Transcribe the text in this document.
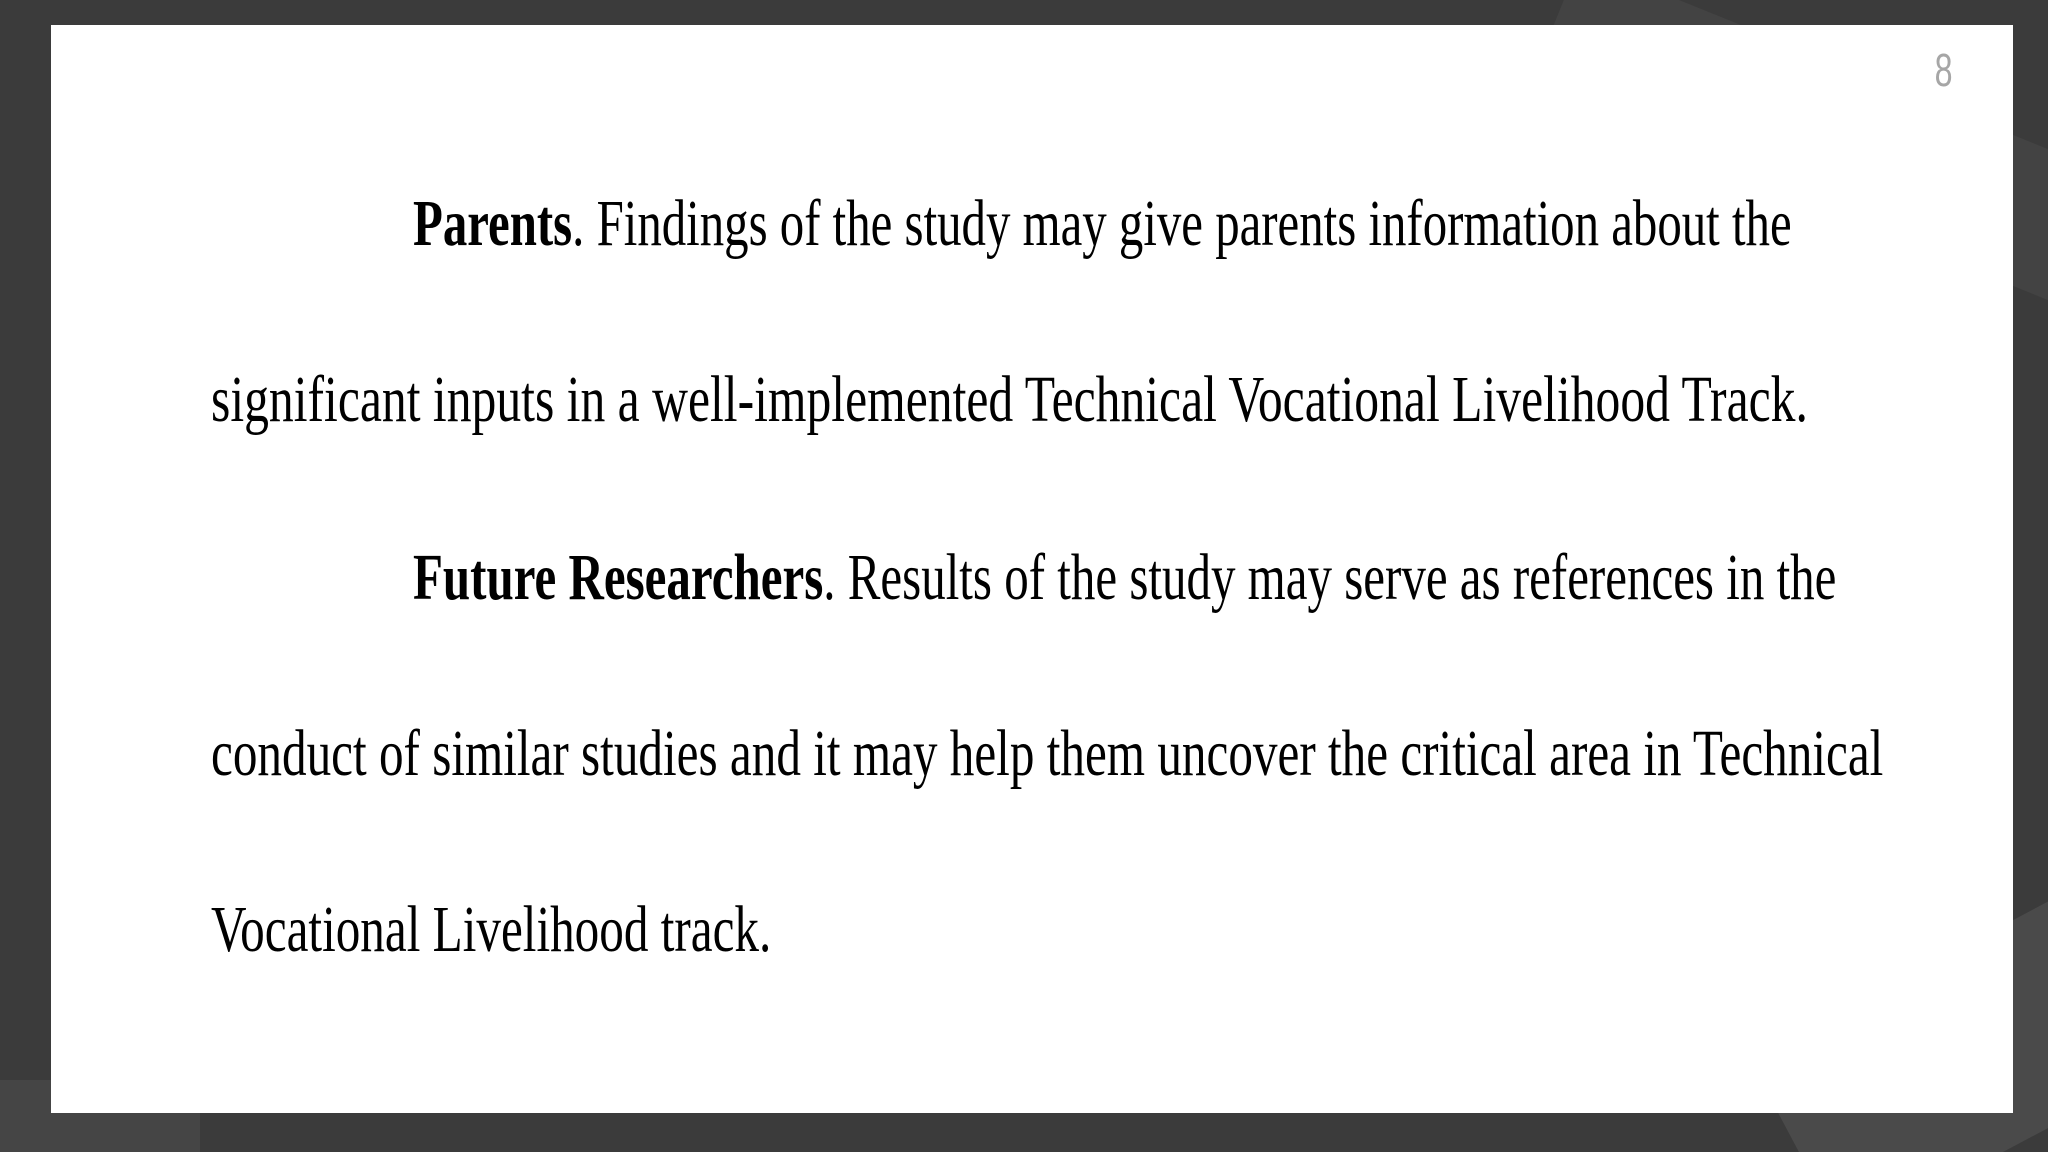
8
Parents. Findings of the study may give parents information about the
significant inputs in a well-implemented Technical Vocational Livelihood Track.
Future Researchers. Results of the study may serve as references in the
conduct of similar studies and it may help them uncover the critical area in Technical
Vocational Livelihood track.
